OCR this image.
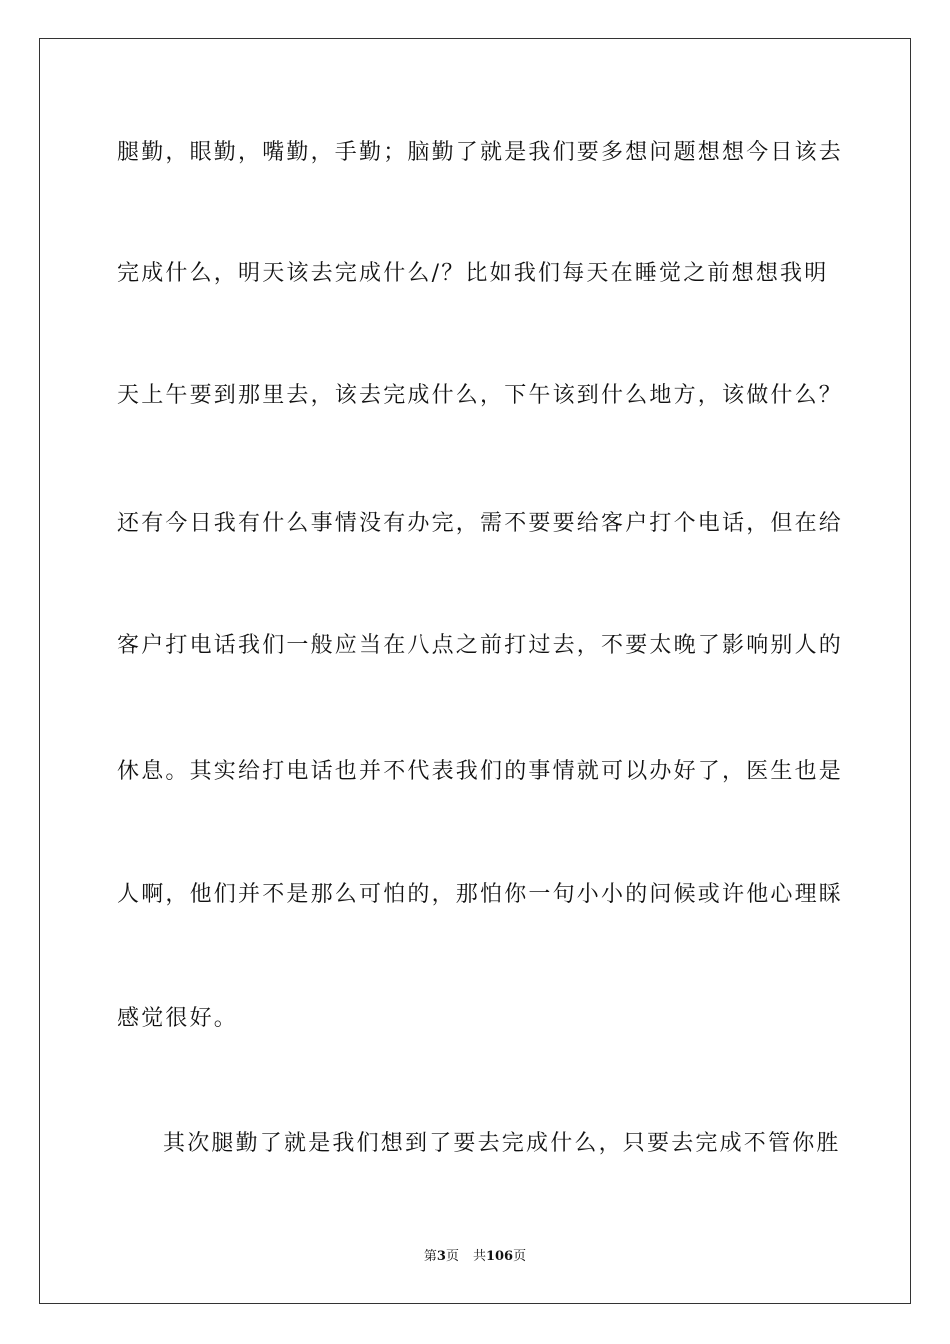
腿勤，眼勤，嘴勤，手勤；脑勤了就是我们要多想问题想想今日该去
完成什么，明天该去完成什么/？比如我们每天在睡觉之前想想我明
天上午要到那里去，该去完成什么，下午该到什么地方，该做什么？
还有今日我有什么事情没有办完，需不要要给客户打个电话，但在给
客户打电话我们一般应当在八点之前打过去，不要太晚了影响别人的
休息。其实给打电话也并不代表我们的事情就可以办好了，医生也是
人啊，他们并不是那么可怕的，那怕你一句小小的问候或许他心理睬
感觉很好。
其次腿勤了就是我们想到了要去完成什么，只要去完成不管你胜
第3页 共106页
